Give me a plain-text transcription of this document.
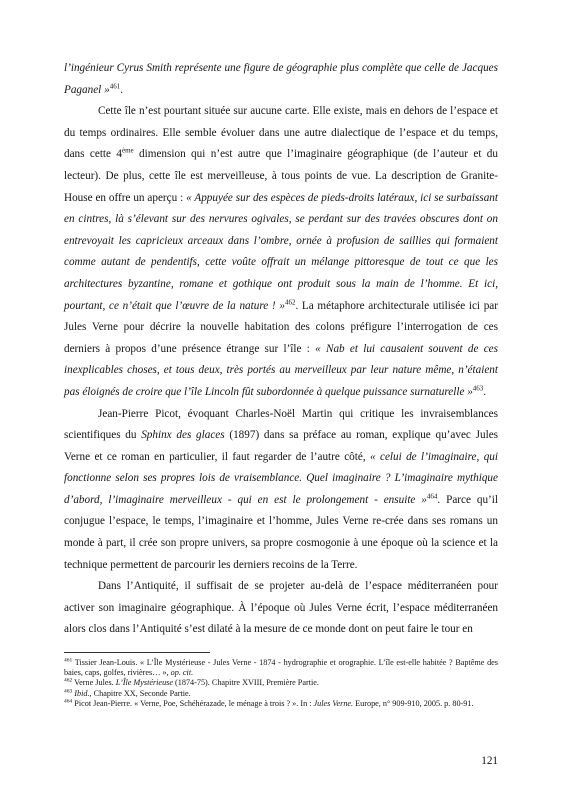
l’ingénieur Cyrus Smith représente une figure de géographie plus complète que celle de Jacques Paganel »$^{461}$.

Cette île n’est pourtant située sur aucune carte. Elle existe, mais en dehors de l’espace et du temps ordinaires. Elle semble évoluer dans une autre dialectique de l’espace et du temps, dans cette 4ème dimension qui n’est autre que l’imaginaire géographique (de l’auteur et du lecteur). De plus, cette île est merveilleuse, à tous points de vue. La description de Granite-House en offre un aperçu : « Appuyée sur des espèces de pieds-droits latéraux, ici se surbaissant en cintres, là s’élevant sur des nervures ogivales, se perdant sur des travées obscures dont on entrevoyait les capricieux arceaux dans l’ombre, ornée à profusion de saillies qui formaient comme autant de pendentifs, cette voûte offrait un mélange pittoresque de tout ce que les architectures byzantine, romane et gothique ont produit sous la main de l’homme. Et ici, pourtant, ce n’était que l’œuvre de la nature ! »$^{462}$. La métaphore architecturale utilisée ici par Jules Verne pour décrire la nouvelle habitation des colons préfigure l’interrogation de ces derniers à propos d’une présence étrange sur l’île : « Nab et lui causaient souvent de ces inexplicables choses, et tous deux, très portés au merveilleux par leur nature même, n’étaient pas éloignés de croire que l’île Lincoln fût subordonnée à quelque puissance surnaturelle »$^{463}$.

Jean-Pierre Picot, évoquant Charles-Noël Martin qui critique les invraisemblances scientifiques du Sphinx des glaces (1897) dans sa préface au roman, explique qu’avec Jules Verne et ce roman en particulier, il faut regarder de l’autre côté, « celui de l’imaginaire, qui fonctionne selon ses propres lois de vraisemblance. Quel imaginaire ? L’imaginaire mythique d’abord, l’imaginaire merveilleux - qui en est le prolongement - ensuite »$^{464}$. Parce qu’il conjugue l’espace, le temps, l’imaginaire et l’homme, Jules Verne re-crée dans ses romans un monde à part, il crée son propre univers, sa propre cosmogonie à une époque où la science et la technique permettent de parcourir les derniers recoins de la Terre.

Dans l’Antiquité, il suffisait de se projeter au-delà de l’espace méditerranéen pour activer son imaginaire géographique. À l’époque où Jules Verne écrit, l’espace méditerranéen alors clos dans l’Antiquité s’est dilaté à la mesure de ce monde dont on peut faire le tour en

$^{461}$ Tissier Jean-Louis. « L’Île Mystérieuse - Jules Verne - 1874 - hydrographie et orographie. L’île est-elle habitée ? Baptême des baies, caps, golfes, rivières… », op. cit.

$^{462}$ Verne Jules. L’Île Mystérieuse (1874-75). Chapitre XVIII, Première Partie.

$^{463}$ Ibid., Chapitre XX, Seconde Partie.

$^{464}$ Picot Jean-Pierre. « Verne, Poe, Schéhérazade, le ménage à trois ? ». In : Jules Verne. Europe, n° 909-910, 2005. p. 80-91.

121
